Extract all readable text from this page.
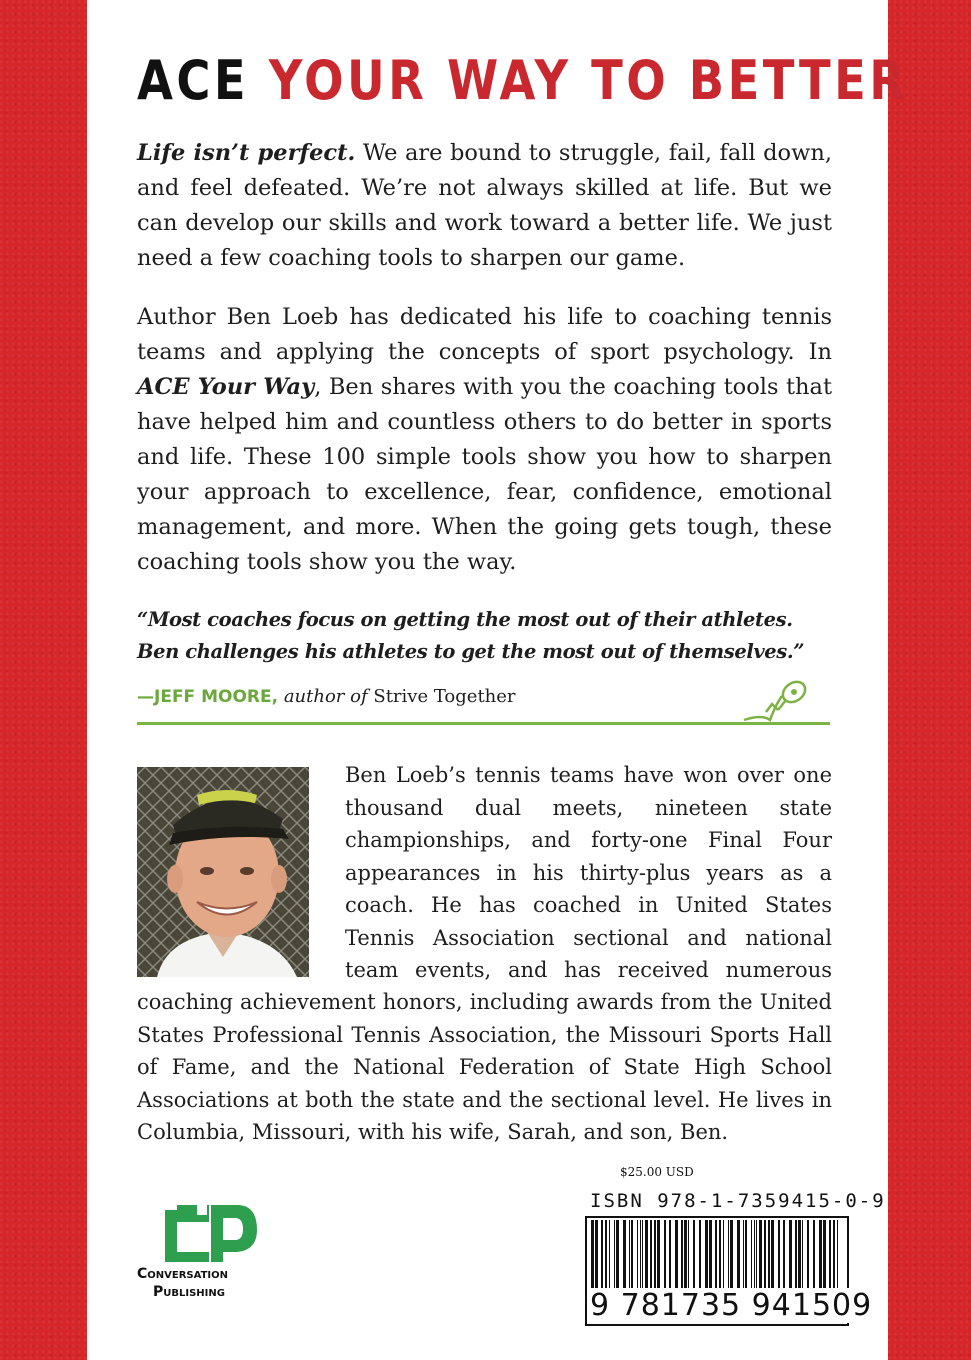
ACE YOUR WAY TO BETTER

Life isn’t perfect. We are bound to struggle, fail, fall down, and feel defeated. We’re not always skilled at life. But we can develop our skills and work toward a better life. We just need a few coaching tools to sharpen our game.

Author Ben Loeb has dedicated his life to coaching tennis teams and applying the concepts of sport psychology. In ACE Your Way, Ben shares with you the coaching tools that have helped him and countless others to do better in sports and life. These 100 simple tools show you how to sharpen your approach to excellence, fear, confidence, emotional management, and more. When the going gets tough, these coaching tools show you the way.

“Most coaches focus on getting the most out of their athletes. Ben challenges his athletes to get the most out of themselves.”

—JEFF MOORE, author of Strive Together

Ben Loeb’s tennis teams have won over one thousand dual meets, nineteen state championships, and forty-one Final Four appearances in his thirty-plus years as a coach. He has coached in United States Tennis Association sectional and national team events, and has received numerous

coaching achievement honors, including awards from the United States Professional Tennis Association, the Missouri Sports Hall of Fame, and the National Federation of State High School Associations at both the state and the sectional level. He lives in Columbia, Missouri, with his wife, Sarah, and son, Ben.

Conversation
Publishing
$25.00 USD
ISBN 978-1-7359415-0-9
9 781735 941509
